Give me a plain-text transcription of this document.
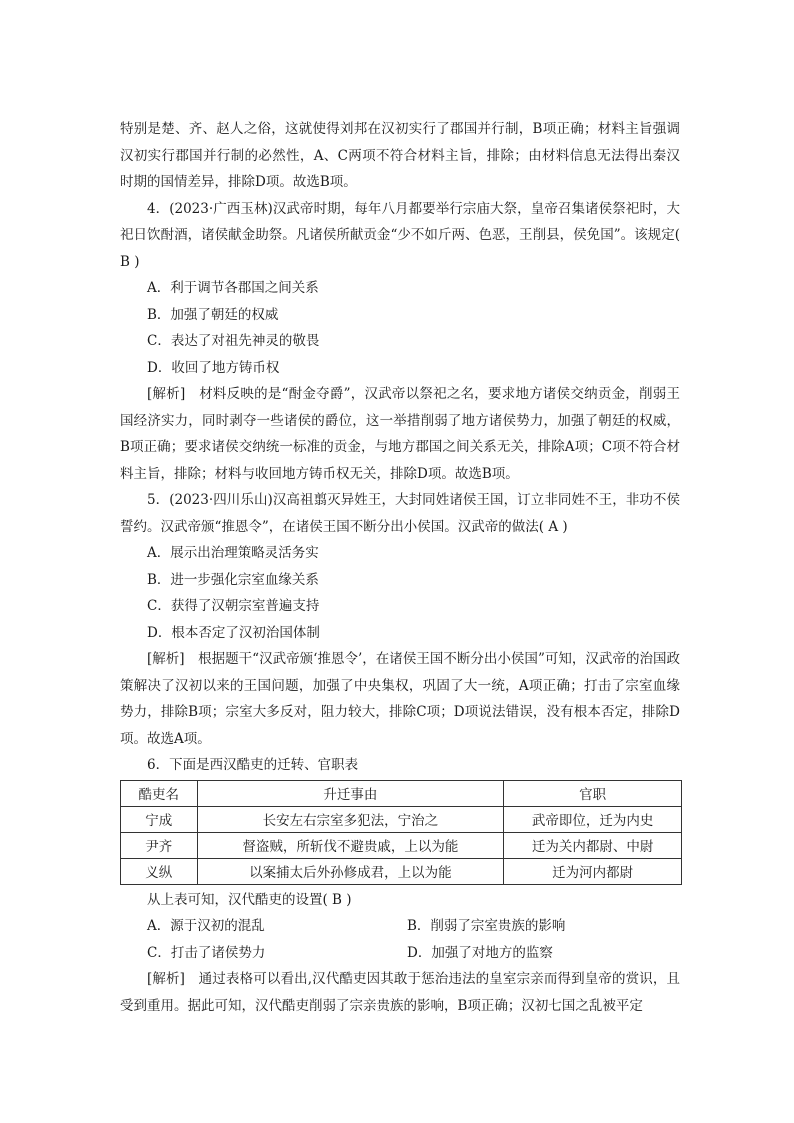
特别是楚、齐、赵人之俗，这就使得刘邦在汉初实行了郡国并行制，B项正确；材料主旨强调汉初实行郡国并行制的必然性，A、C两项不符合材料主旨，排除；由材料信息无法得出秦汉时期的国情差异，排除D项。故选B项。

4．(2023·广西玉林)汉武帝时期，每年八月都要举行宗庙大祭，皇帝召集诸侯祭祀时，大祀日饮酎酒，诸侯献金助祭。凡诸侯所献贡金“少不如斤两、色恶，王削县，侯免国”。该规定( B )

A．利于调节各郡国之间关系

B．加强了朝廷的权威

C．表达了对祖先神灵的敬畏

D．收回了地方铸币权

[解析]　材料反映的是“酎金夺爵”，汉武帝以祭祀之名，要求地方诸侯交纳贡金，削弱王国经济实力，同时剥夺一些诸侯的爵位，这一举措削弱了地方诸侯势力，加强了朝廷的权威，B项正确；要求诸侯交纳统一标准的贡金，与地方郡国之间关系无关，排除A项；C项不符合材料主旨，排除；材料与收回地方铸币权无关，排除D项。故选B项。

5．(2023·四川乐山)汉高祖翦灭异姓王，大封同姓诸侯王国，订立非同姓不王，非功不侯誓约。汉武帝颁“推恩令”，在诸侯王国不断分出小侯国。汉武帝的做法( A )

A．展示出治理策略灵活务实

B．进一步强化宗室血缘关系

C．获得了汉朝宗室普遍支持

D．根本否定了汉初治国体制

[解析]　根据题干“汉武帝颁‘推恩令’，在诸侯王国不断分出小侯国”可知，汉武帝的治国政策解决了汉初以来的王国问题，加强了中央集权，巩固了大一统，A项正确；打击了宗室血缘势力，排除B项；宗室大多反对，阻力较大，排除C项；D项说法错误，没有根本否定，排除D项。故选A项。

6．下面是西汉酷吏的迁转、官职表

酷吏名	升迁事由	官职
宁成	长安左右宗室多犯法，宁治之	武帝即位，迁为内史
尹齐	督盗贼，所斩伐不避贵戚，上以为能	迁为关内都尉、中尉
义纵	以案捕太后外孙修成君，上以为能	迁为河内都尉

从上表可知，汉代酷吏的设置( B )

A．源于汉初的混乱	B．削弱了宗室贵族的影响
C．打击了诸侯势力	D．加强了对地方的监察

[解析]　通过表格可以看出,汉代酷吏因其敢于惩治违法的皇室宗亲而得到皇帝的赏识，且受到重用。据此可知，汉代酷吏削弱了宗亲贵族的影响，B项正确；汉初七国之乱被平定
